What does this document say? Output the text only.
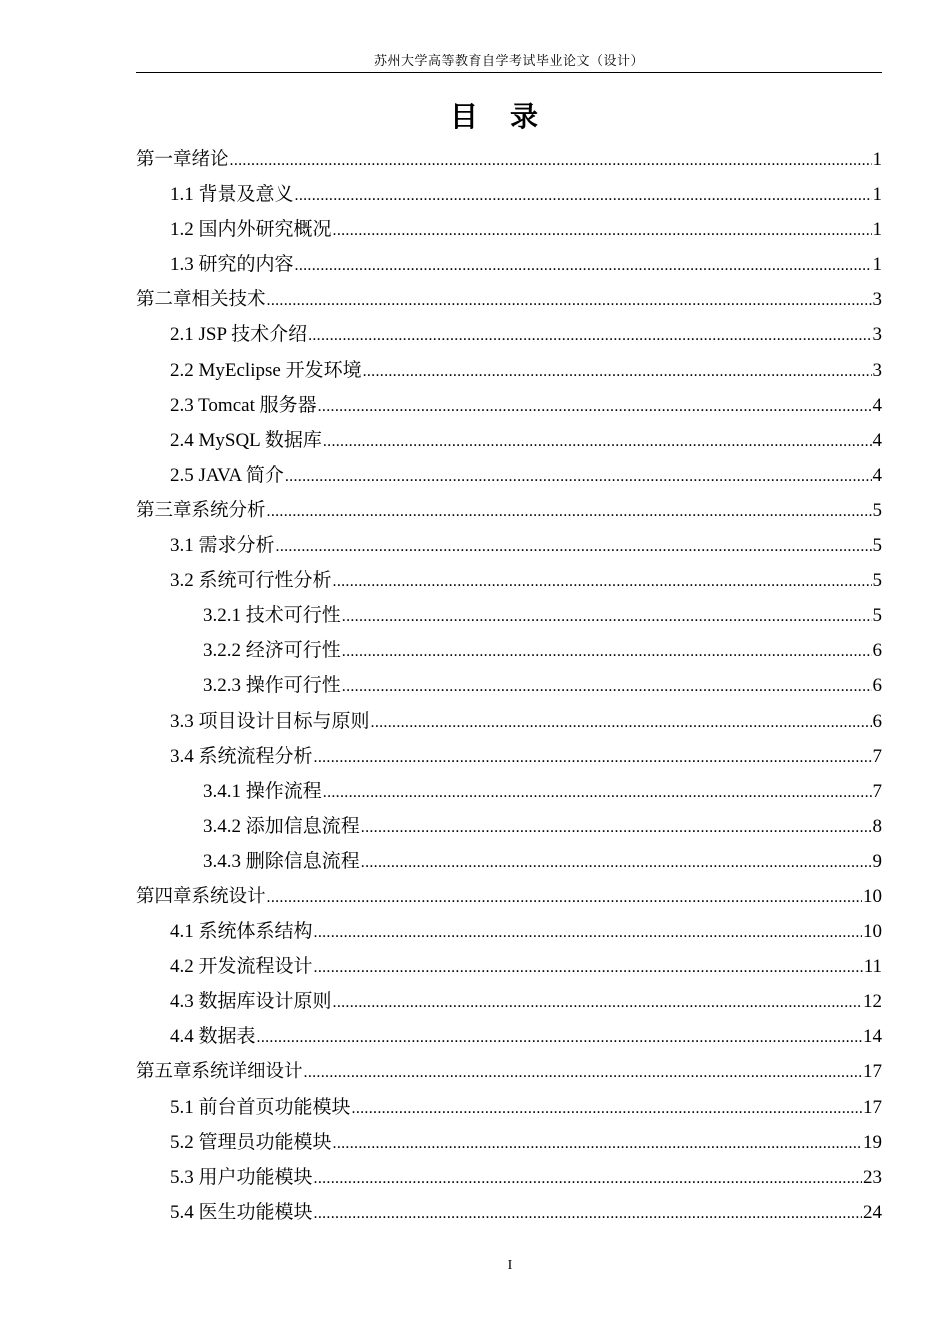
苏州大学高等教育自学考试毕业论文（设计）
目录
第一章绪论 .....	1
1.1 背景及意义 .....	1
1.2 国内外研究概况 .....	1
1.3 研究的内容 .....	1
第二章相关技术 .....	3
2.1 JSP 技术介绍 .....	3
2.2 MyEclipse 开发环境 .....	3
2.3 Tomcat 服务器 .....	4
2.4 MySQL 数据库 .....	4
2.5 JAVA 简介 .....	4
第三章系统分析 .....	5
3.1 需求分析 .....	5
3.2 系统可行性分析 .....	5
3.2.1 技术可行性 .....	5
3.2.2 经济可行性 .....	6
3.2.3 操作可行性 .....	6
3.3 项目设计目标与原则 .....	6
3.4 系统流程分析 .....	7
3.4.1 操作流程 .....	7
3.4.2 添加信息流程 .....	8
3.4.3 删除信息流程 .....	9
第四章系统设计 .....	10
4.1 系统体系结构 .....	10
4.2 开发流程设计 .....	11
4.3 数据库设计原则 .....	12
4.4 数据表 .....	14
第五章系统详细设计 .....	17
5.1 前台首页功能模块 .....	17
5.2 管理员功能模块 .....	19
5.3 用户功能模块 .....	23
5.4 医生功能模块 .....	24
I
